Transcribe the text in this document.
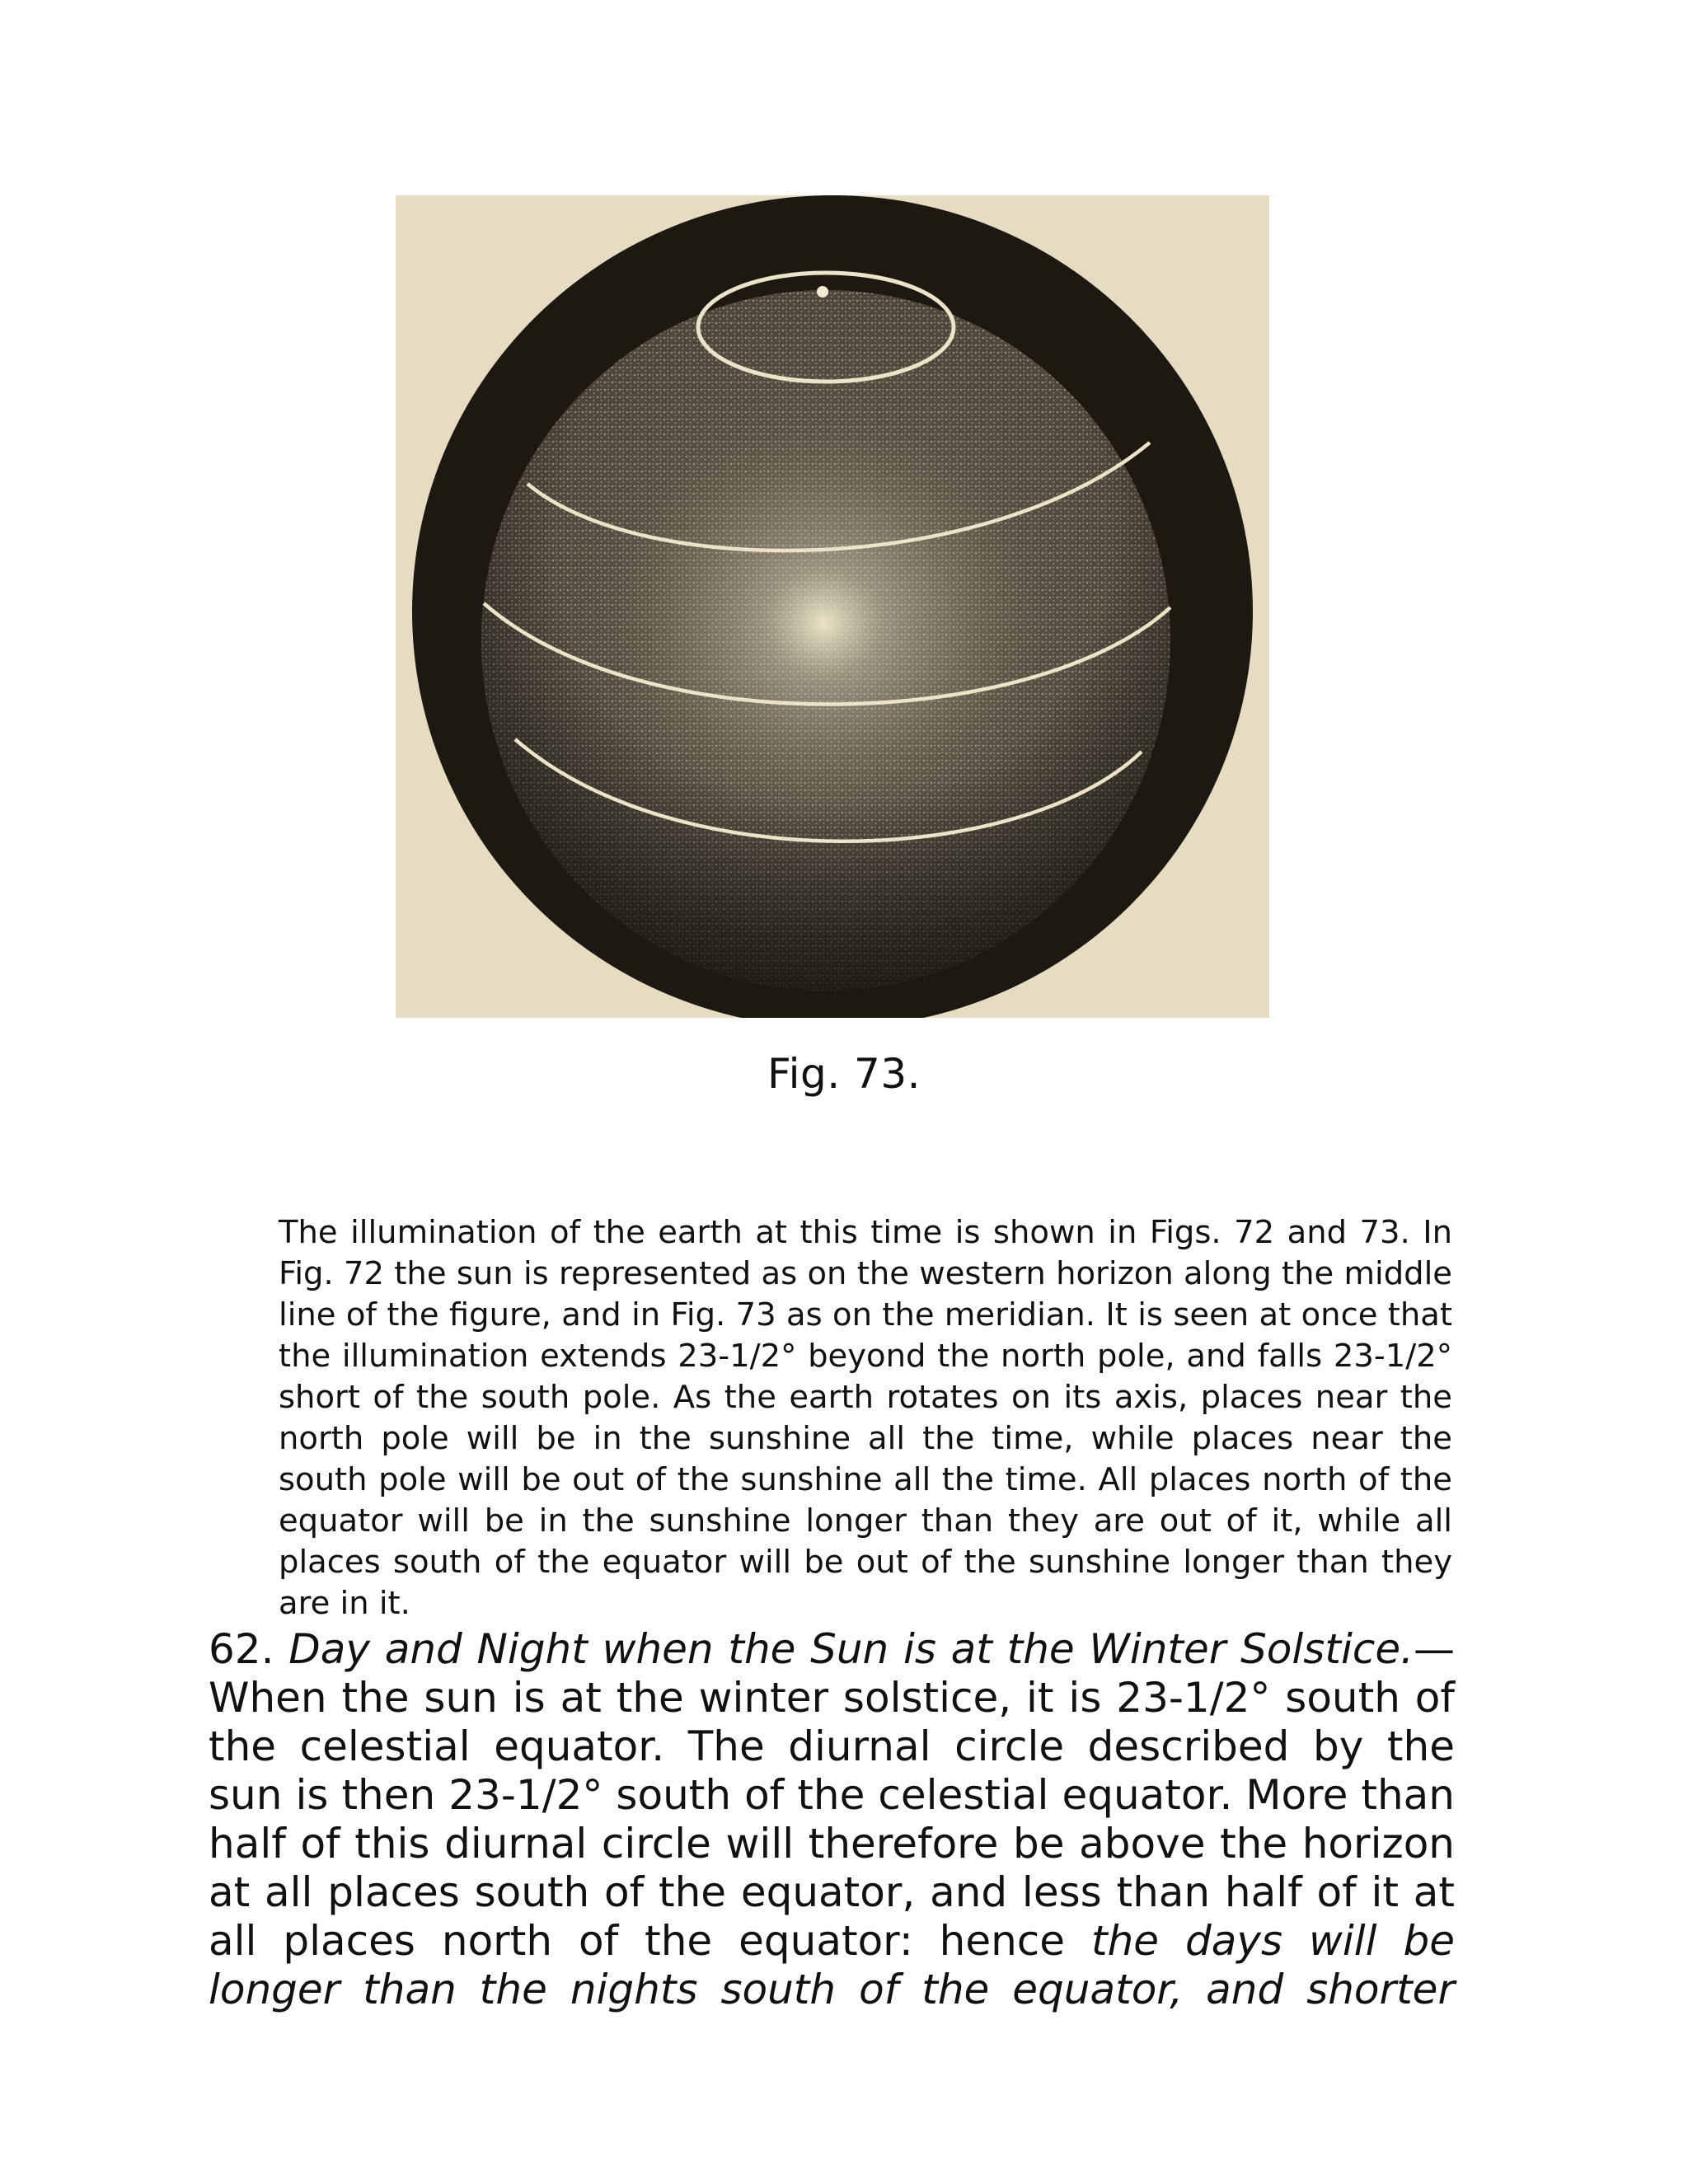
Fig. 73.

The illumination of the earth at this time is shown in Figs. 72 and 73. In Fig. 72 the sun is represented as on the western horizon along the middle line of the figure, and in Fig. 73 as on the meridian. It is seen at once that the illumination extends 23-1/2° beyond the north pole, and falls 23-1/2° short of the south pole. As the earth rotates on its axis, places near the north pole will be in the sunshine all the time, while places near the south pole will be out of the sunshine all the time. All places north of the equator will be in the sunshine longer than they are out of it, while all places south of the equator will be out of the sunshine longer than they are in it.

62. Day and Night when the Sun is at the Winter Solstice.—When the sun is at the winter solstice, it is 23-1/2° south of the celestial equator. The diurnal circle described by the sun is then 23-1/2° south of the celestial equator. More than half of this diurnal circle will therefore be above the horizon at all places south of the equator, and less than half of it at all places north of the equator: hence the days will be longer than the nights south of the equator, and shorter
